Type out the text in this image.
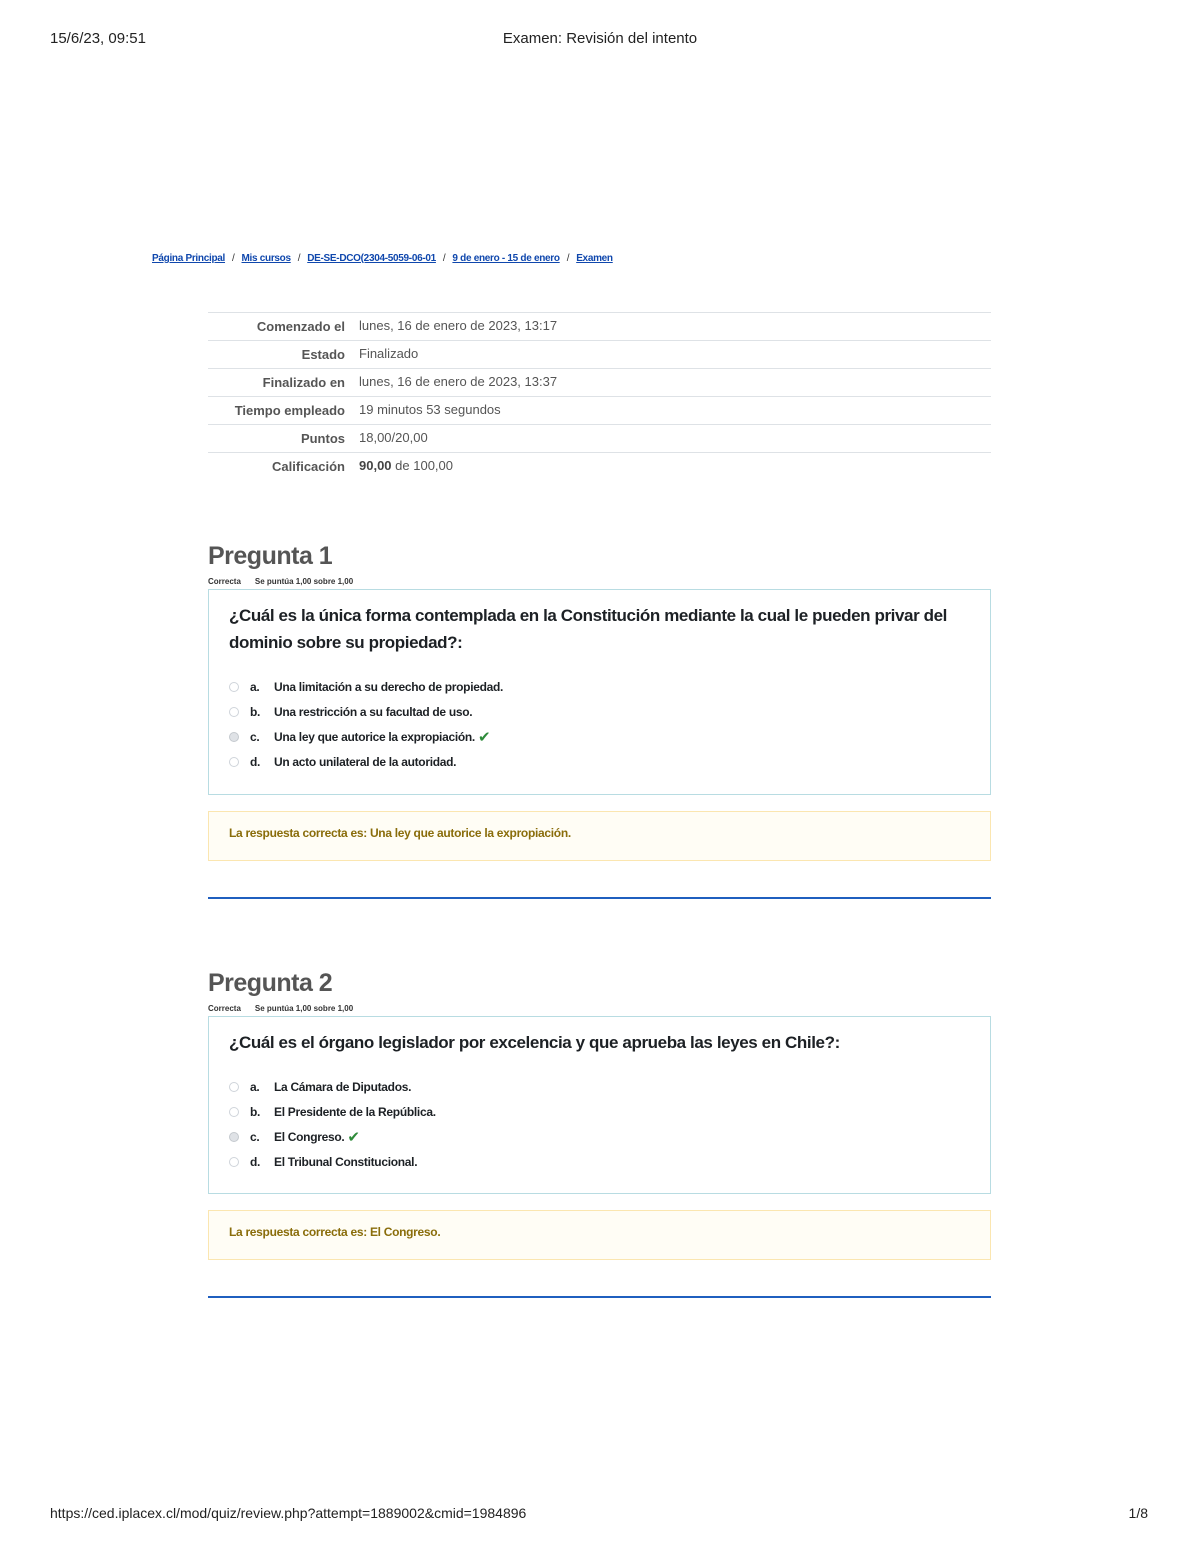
15/6/23, 09:51	Examen: Revisión del intento
Página Principal / Mis cursos / DE-SE-DCO(2304-5059-06-01 / 9 de enero - 15 de enero / Examen
Comenzado el	lunes, 16 de enero de 2023, 13:17
Estado	Finalizado
Finalizado en	lunes, 16 de enero de 2023, 13:37
Tiempo empleado	19 minutos 53 segundos
Puntos	18,00/20,00
Calificación	90,00 de 100,00
Pregunta 1
Correcta Se puntúa 1,00 sobre 1,00
¿Cuál es la única forma contemplada en la Constitución mediante la cual le pueden privar del dominio sobre su propiedad?:
a.	Una limitación a su derecho de propiedad.
b.	Una restricción a su facultad de uso.
c.	Una ley que autorice la expropiación. ✔
d.	Un acto unilateral de la autoridad.
La respuesta correcta es: Una ley que autorice la expropiación.
Pregunta 2
Correcta Se puntúa 1,00 sobre 1,00
¿Cuál es el órgano legislador por excelencia y que aprueba las leyes en Chile?:
a.	La Cámara de Diputados.
b.	El Presidente de la República.
c.	El Congreso. ✔
d.	El Tribunal Constitucional.
La respuesta correcta es: El Congreso.
https://ced.iplacex.cl/mod/quiz/review.php?attempt=1889002&cmid=1984896	1/8
